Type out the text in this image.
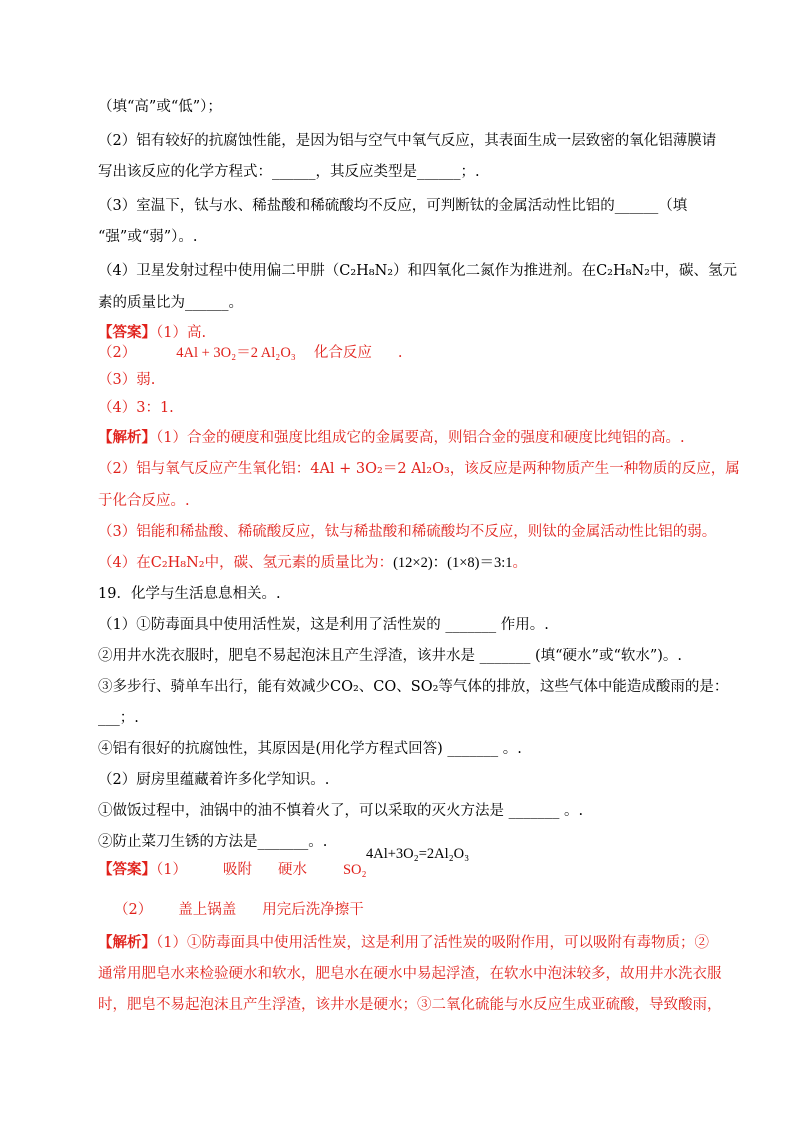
（填“高”或“低”）；
（2）铝有较好的抗腐蚀性能，是因为铝与空气中氧气反应，其表面生成一层致密的氧化铝薄膜请
写出该反应的化学方程式：______，其反应类型是______；.
（3）室温下，钛与水、稀盐酸和稀硫酸均不反应，可判断钛的金属活动性比铝的______（填
“强”或“弱”）。.
（4）卫星发射过程中使用偏二甲肼（C₂H₈N₂）和四氧化二氮作为推进剂。在C₂H₈N₂中，碳、氢元
素的质量比为______。
【答案】（1）高.
（2）	4Al + 3O₂＝2 Al₂O₃ 化合反应 .
（3）弱.
（4）3：1.
【解析】（1）合金的硬度和强度比组成它的金属要高，则铝合金的强度和硬度比纯铝的高。.
（2）铝与氧气反应产生氧化铝：4Al + 3O₂＝2 Al₂O₃，该反应是两种物质产生一种物质的反应，属
于化合反应。.
（3）铝能和稀盐酸、稀硫酸反应，钛与稀盐酸和稀硫酸均不反应，则钛的金属活动性比铝的弱。
（4）在C₂H₈N₂中，碳、氢元素的质量比为：(12×2)：(1×8)＝3:1。
19．化学与生活息息相关。.
（1）①防毒面具中使用活性炭，这是利用了活性炭的 _______ 作用。.
②用井水洗衣服时，肥皂不易起泡沫且产生浮渣，该井水是 _______ (填“硬水”或“软水”)。.
③多步行、骑单车出行，能有效减少CO₂、CO、SO₂等气体的排放，这些气体中能造成酸雨的是：
___；.
④铝有很好的抗腐蚀性，其原因是(用化学方程式回答) _______ 。.
（2）厨房里蕴藏着许多化学知识。.
①做饭过程中，油锅中的油不慎着火了，可以采取的灭火方法是 _______ 。.
②防止菜刀生锈的方法是_______。.
【答案】（1） 吸附 硬水 SO₂
4Al+3O₂=2Al₂O₃
（2） 盖上锅盖 用完后洗净擦干
【解析】（1）①防毒面具中使用活性炭，这是利用了活性炭的吸附作用，可以吸附有毒物质；②
通常用肥皂水来检验硬水和软水，肥皂水在硬水中易起浮渣，在软水中泡沫较多，故用井水洗衣服
时，肥皂不易起泡沫且产生浮渣，该井水是硬水；③二氧化硫能与水反应生成亚硫酸，导致酸雨，
